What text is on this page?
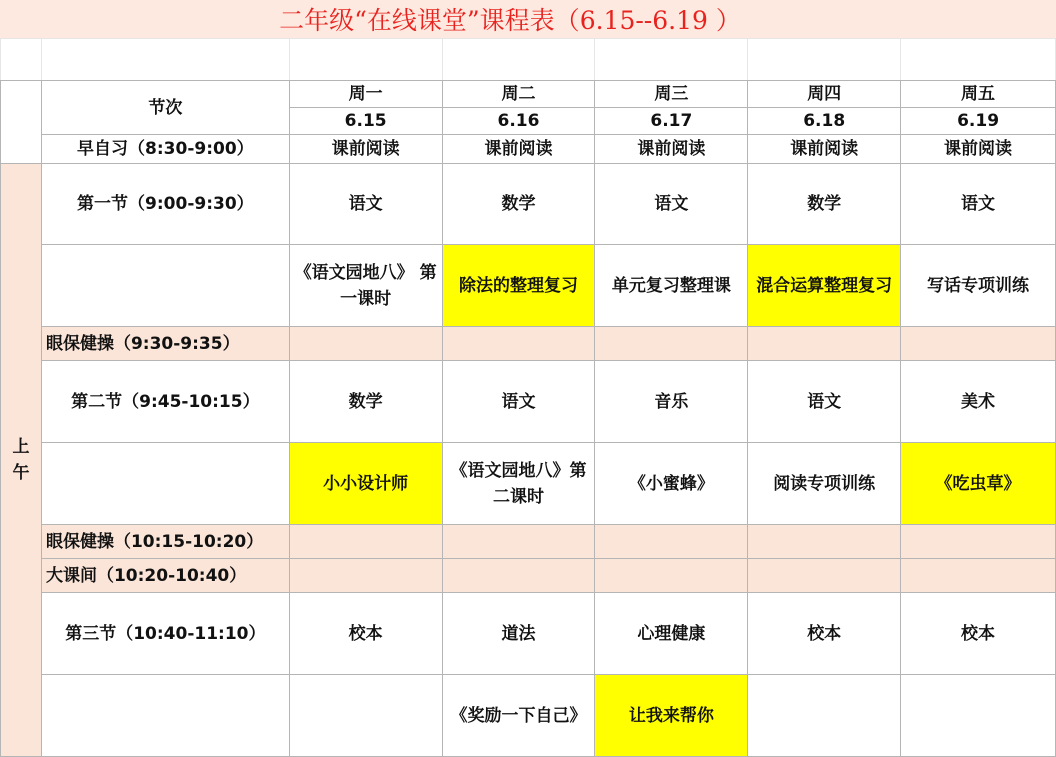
二年级“在线课堂”课程表（6.15--6.19 ）

	节次	周一	周二	周三	周四	周五
		6.15	6.16	6.17	6.18	6.19
	早自习（8:30-9:00）	课前阅读	课前阅读	课前阅读	课前阅读	课前阅读
上午	第一节（9:00-9:30）	语文	数学	语文	数学	语文
		《语文园地八》 第一课时	除法的整理复习	单元复习整理课	混合运算整理复习	写话专项训练
	眼保健操（9:30-9:35）					
	第二节（9:45-10:15）	数学	语文	音乐	语文	美术
		小小设计师	《语文园地八》第二课时	《小蜜蜂》	阅读专项训练	《吃虫草》
	眼保健操（10:15-10:20）					
	大课间（10:20-10:40）					
	第三节（10:40-11:10）	校本	道法	心理健康	校本	校本
			《奖励一下自己》	让我来帮你		
